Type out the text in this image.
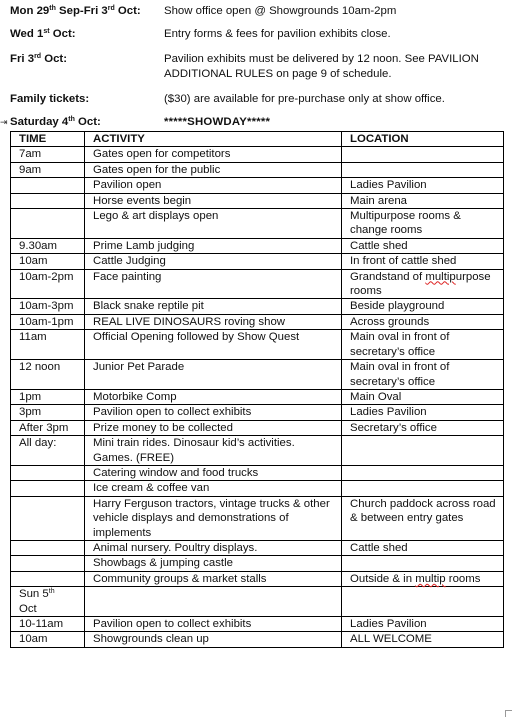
Mon 29th Sep-Fri 3rd Oct: Show office open @ Showgrounds 10am-2pm
Wed 1st Oct:	Entry forms & fees for pavilion exhibits close.
Fri 3rd Oct:	Pavilion exhibits must be delivered by 12 noon. See PAVILION ADDITIONAL RULES on page 9 of schedule.
Family tickets:	($30) are available for pre-purchase only at show office.
⇥ Saturday 4th Oct:	*****SHOWDAY*****
TIME	ACTIVITY	LOCATION
7am	Gates open for competitors	
9am	Gates open for the public	
	Pavilion open	Ladies Pavilion
	Horse events begin	Main arena
	Lego & art displays open	Multipurpose rooms & change rooms
9.30am	Prime Lamb judging	Cattle shed
10am	Cattle Judging	In front of cattle shed
10am-2pm	Face painting	Grandstand of multipurpose rooms
10am-3pm	Black snake reptile pit	Beside playground
10am-1pm	REAL LIVE DINOSAURS roving show	Across grounds
11am	Official Opening followed by Show Quest	Main oval in front of secretary’s office
12 noon	Junior Pet Parade	Main oval in front of secretary’s office
1pm	Motorbike Comp	Main Oval
3pm	Pavilion open to collect exhibits	Ladies Pavilion
After 3pm	Prize money to be collected	Secretary’s office
All day:	Mini train rides. Dinosaur kid’s activities. Games. (FREE)	
	Catering window and food trucks	
	Ice cream & coffee van	
	Harry Ferguson tractors, vintage trucks & other vehicle displays and demonstrations of implements	Church paddock across road & between entry gates
	Animal nursery. Poultry displays.	Cattle shed
	Showbags & jumping castle	
	Community groups & market stalls	Outside & in multip rooms
Sun 5th
Oct		
10-11am	Pavilion open to collect exhibits	Ladies Pavilion
10am	Showgrounds clean up	ALL WELCOME
